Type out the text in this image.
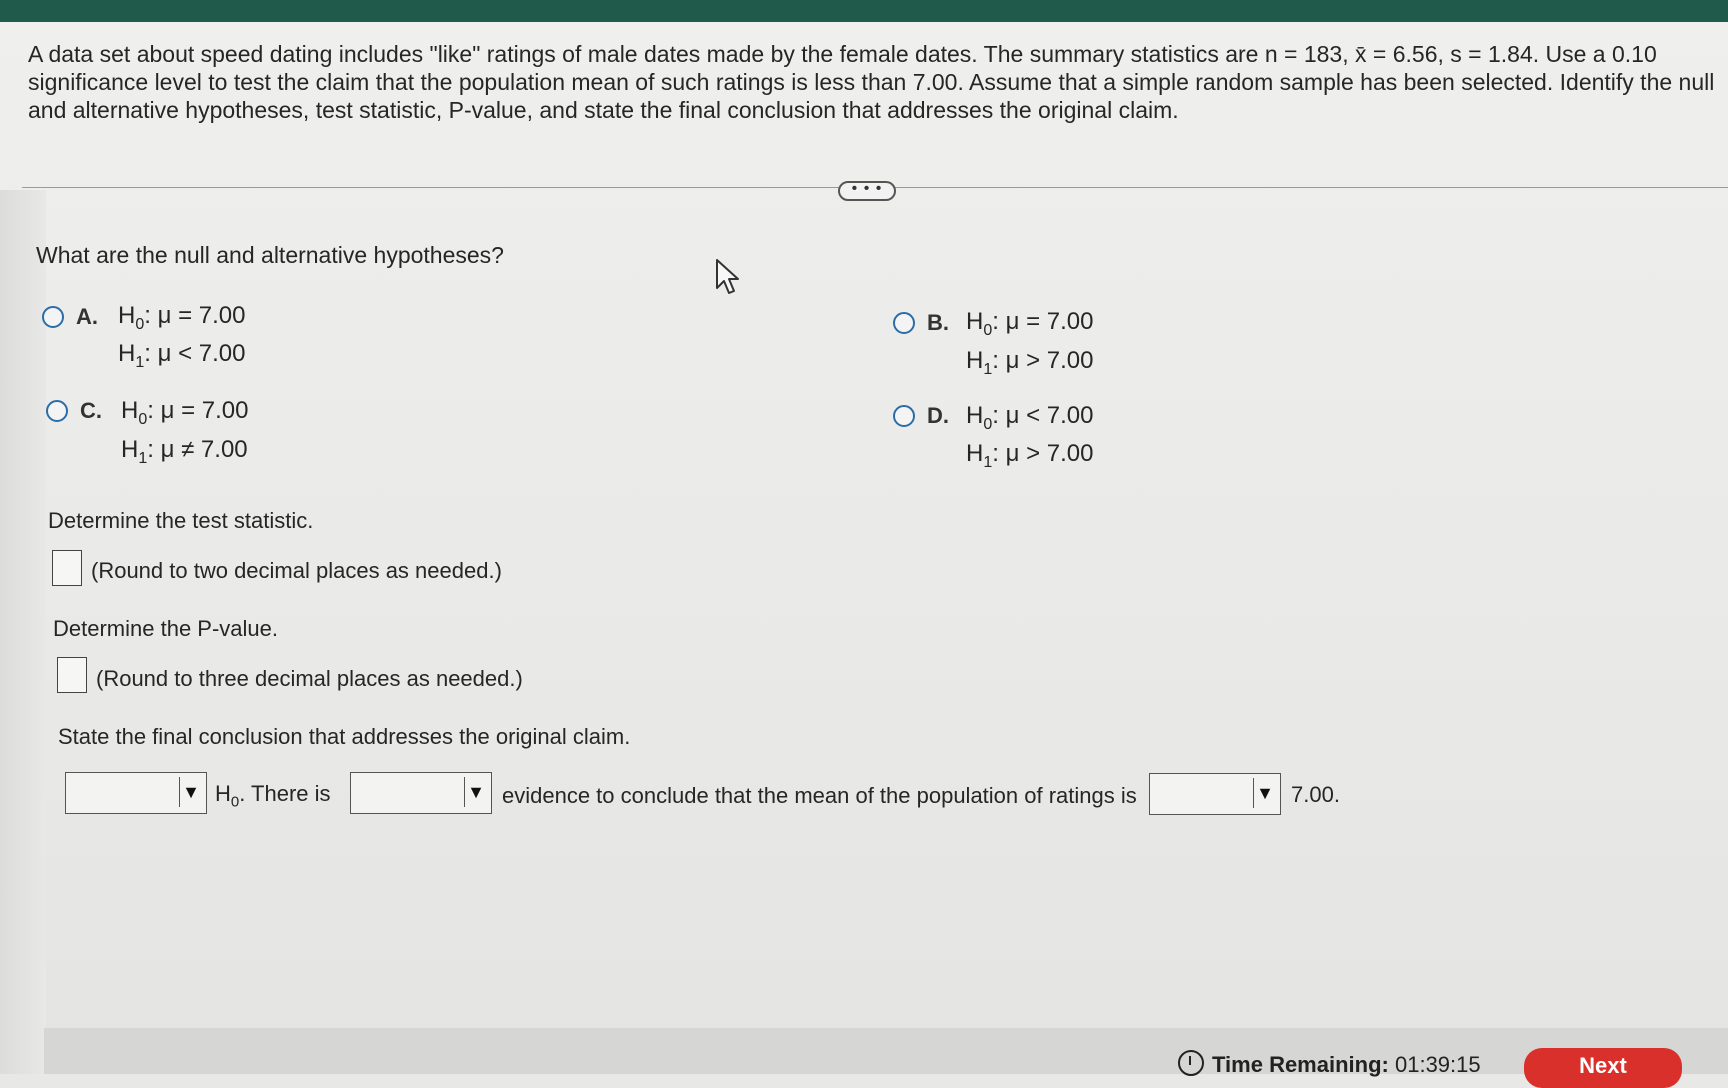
A data set about speed dating includes "like" ratings of male dates made by the female dates. The summary statistics are n = 183, x̄ = 6.56, s = 1.84. Use a 0.10 significance level to test the claim that the population mean of such ratings is less than 7.00. Assume that a simple random sample has been selected. Identify the null and alternative hypotheses, test statistic, P-value, and state the final conclusion that addresses the original claim.
• • •
What are the null and alternative hypotheses?
A. $H_0$: μ = 7.00
$H_1$: μ < 7.00
B. $H_0$: μ = 7.00
$H_1$: μ > 7.00
C. $H_0$: μ = 7.00
$H_1$: μ ≠ 7.00
D. $H_0$: μ < 7.00
$H_1$: μ > 7.00
Determine the test statistic.
(Round to two decimal places as needed.)
Determine the P-value.
(Round to three decimal places as needed.)
State the final conclusion that addresses the original claim.
▼ $H_0$. There is	▼ evidence to conclude that the mean of the population of ratings is	▼ 7.00.
Time Remaining: 01:39:15	Next
